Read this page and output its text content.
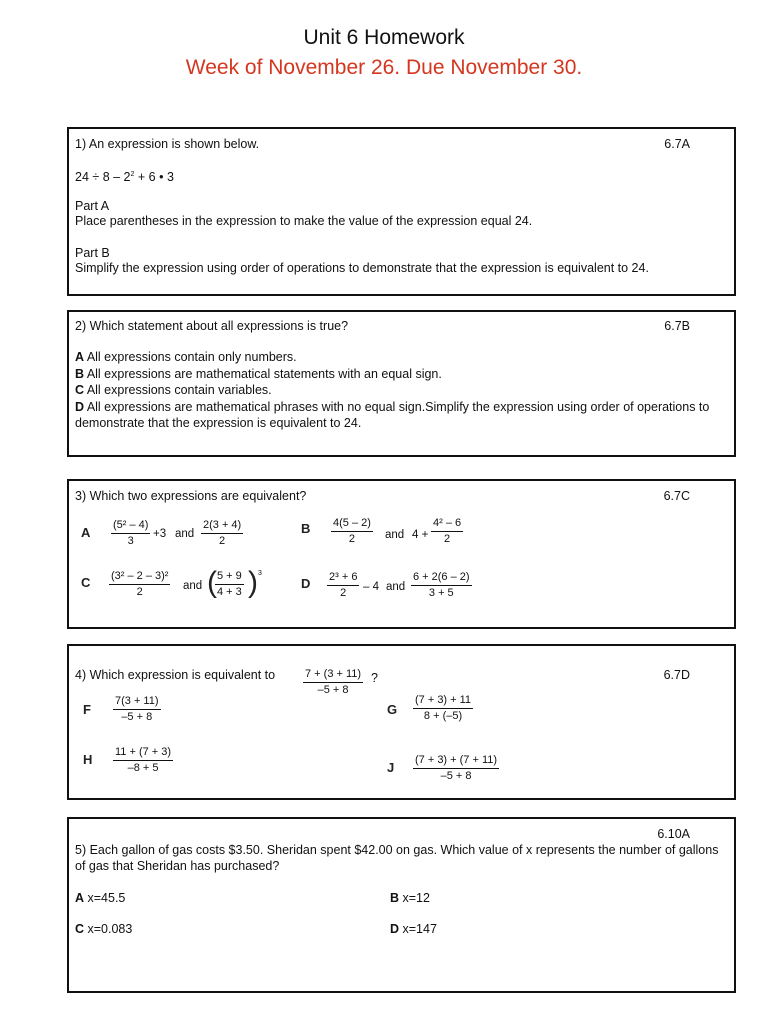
Unit 6 Homework
Week of November 26. Due November 30.
1) An expression is shown below.	6.7A
$24 \div 8 - 2^2 + 6$ • 3
Part A
Place parentheses in the expression to make the value of the expression equal 24.
Part B
Simplify the expression using order of operations to demonstrate that the expression is equivalent to 24.
2) Which statement about all expressions is true?	6.7B
A All expressions contain only numbers.
B All expressions are mathematical statements with an equal sign.
C All expressions contain variables.
D All expressions are mathematical phrases with no equal sign.Simplify the expression using order of operations to demonstrate that the expression is equivalent to 24.
3) Which two expressions are equivalent?	6.7C
A $\frac{\text{(5² – 4)}}{3} +3$ and $\frac{2(3 + 4)}{2}$	B $\frac{4(5 - 2)}{2}$ and $4 + \frac{\text{4² – 6}}{2}$
C $\frac{\text{(3² – 2 – 3)²}}{2}$ and (
$\frac{5 + 9}{4 + 3}$ ) 3
D $\frac{\text{2³ + 6}}{2} - 4$ and $\frac{6 + 2(6 - 2)}{3 + 5}$
4) Which expression is equivalent to	$\frac{7 + (3 + 11)}{-5 + 8}$ ?	6.7D
F $\frac{7(3 + 11)}{-5 + 8}$	G $\frac{(7 + 3) + 11}{8 + (-5)}$
H $\frac{11 + (7 + 3)}{-8 + 5}$	J $\frac{(7 + 3) + (7 + 11)}{-5 + 8}$
6.10A
5) Each gallon of gas costs $3.50. Sheridan spent $42.00 on gas. Which value of x represents the number of gallons of gas that Sheridan has purchased?
A x=45.5	B x=12
C x=0.083	D x=147
